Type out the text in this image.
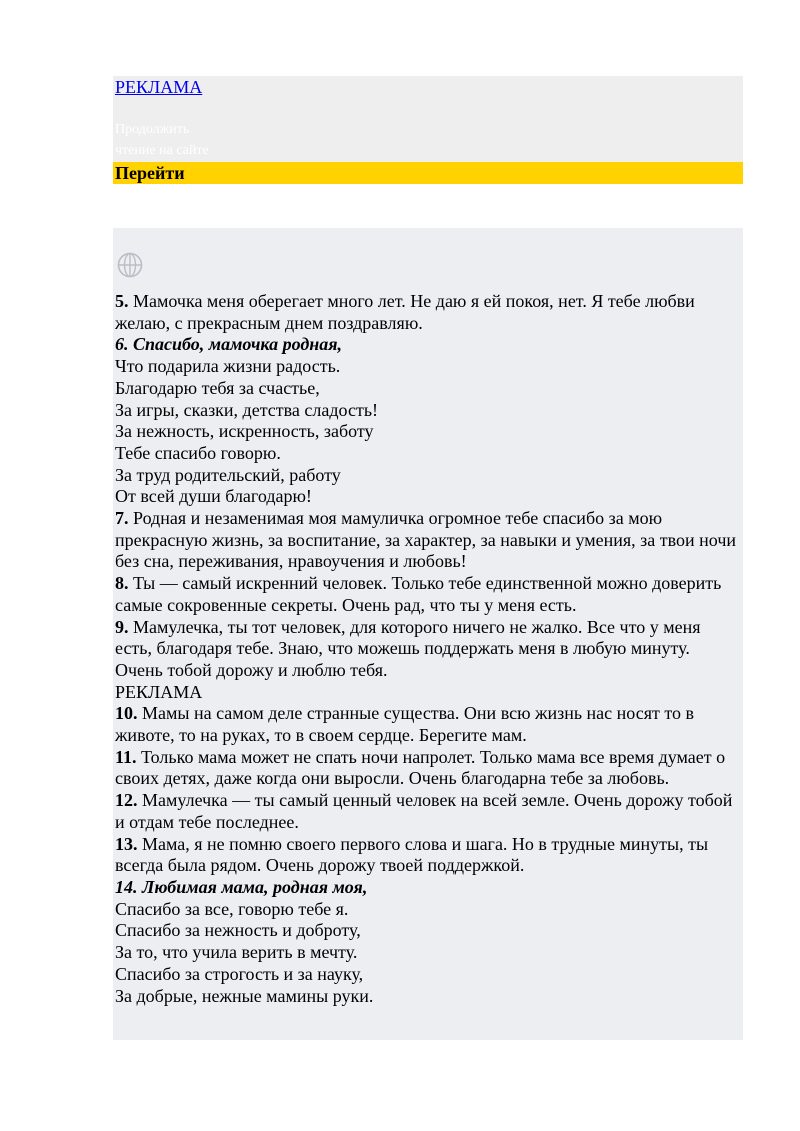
РЕКЛАМА
Продолжить
чтение на сайте
Перейти
5. Мамочка меня оберегает много лет. Не даю я ей покоя, нет. Я тебе любви желаю, с прекрасным днем поздравляю.
6. Спасибо, мамочка родная,
Что подарила жизни радость.
Благодарю тебя за счастье,
За игры, сказки, детства сладость!
За нежность, искренность, заботу
Тебе спасибо говорю.
За труд родительский, работу
От всей души благодарю!
7. Родная и незаменимая моя мамуличка огромное тебе спасибо за мою прекрасную жизнь, за воспитание, за характер, за навыки и умения, за твои ночи без сна, переживания, нравоучения и любовь!
8. Ты — самый искренний человек. Только тебе единственной можно доверить самые сокровенные секреты. Очень рад, что ты у меня есть.
9. Мамулечка, ты тот человек, для которого ничего не жалко. Все что у меня есть, благодаря тебе. Знаю, что можешь поддержать меня в любую минуту. Очень тобой дорожу и люблю тебя.
РЕКЛАМА
10. Мамы на самом деле странные существа. Они всю жизнь нас носят то в животе, то на руках, то в своем сердце. Берегите мам.
11. Только мама может не спать ночи напролет. Только мама все время думает о своих детях, даже когда они выросли. Очень благодарна тебе за любовь.
12. Мамулечка — ты самый ценный человек на всей земле. Очень дорожу тобой и отдам тебе последнее.
13. Мама, я не помню своего первого слова и шага. Но в трудные минуты, ты всегда была рядом. Очень дорожу твоей поддержкой.
14. Любимая мама, родная моя,
Спасибо за все, говорю тебе я.
Спасибо за нежность и доброту,
За то, что учила верить в мечту.
Спасибо за строгость и за науку,
За добрые, нежные мамины руки.
